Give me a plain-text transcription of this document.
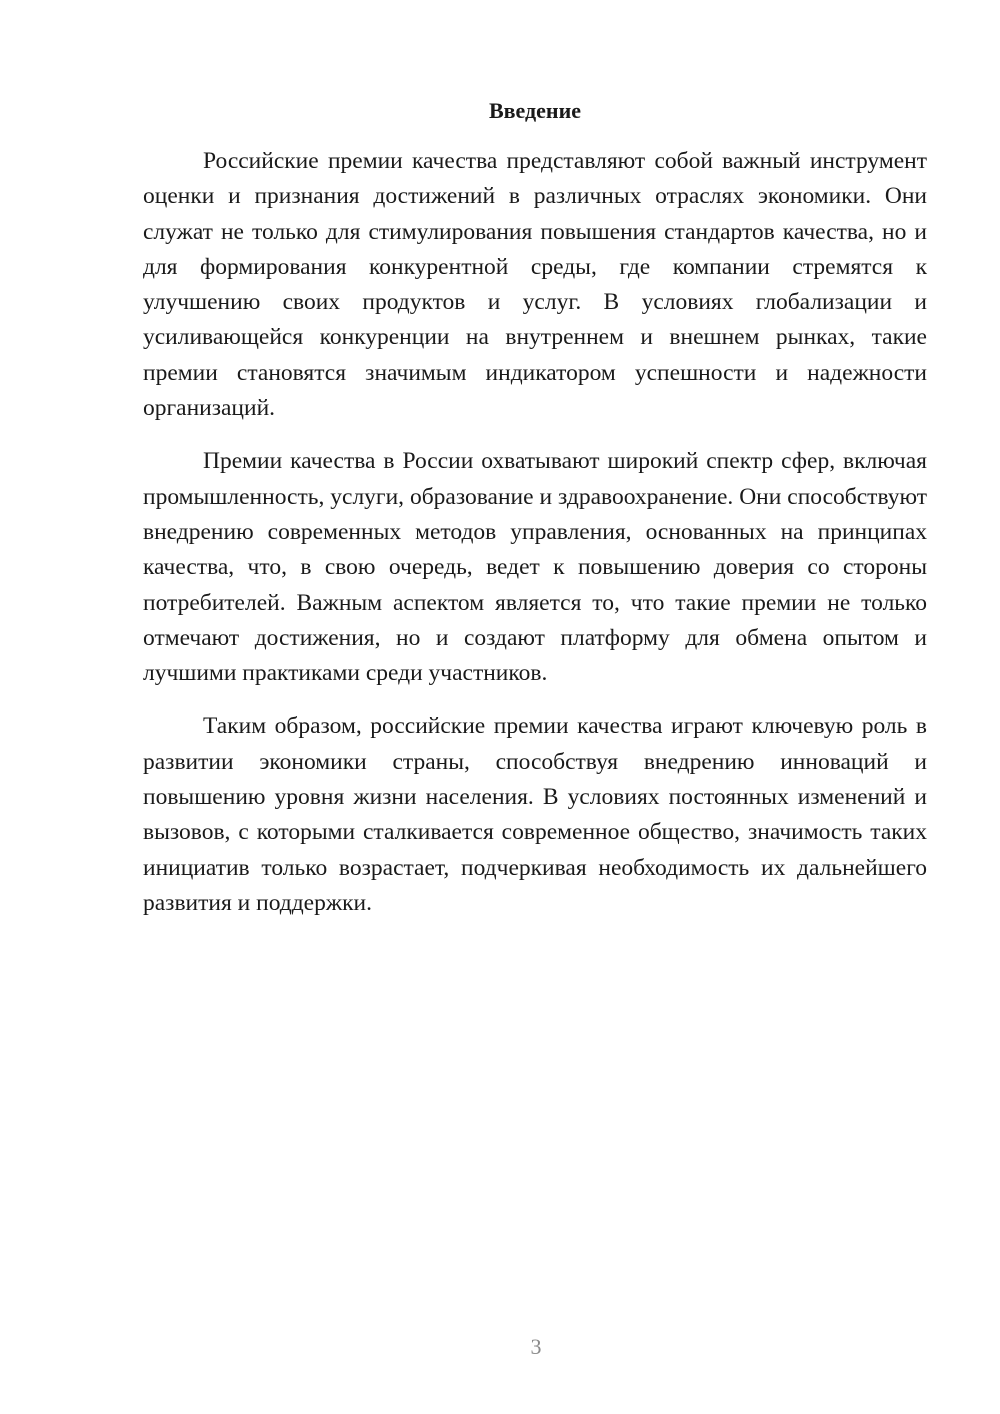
Введение

Российские премии качества представляют собой важный инструмент оценки и признания достижений в различных отраслях экономики. Они служат не только для стимулирования повышения стандартов качества, но и для формирования конкурентной среды, где компании стремятся к улучшению своих продуктов и услуг. В условиях глобализации и усиливающейся конкуренции на внутреннем и внешнем рынках, такие премии становятся значимым индикатором успешности и надежности организаций.

Премии качества в России охватывают широкий спектр сфер, включая промышленность, услуги, образование и здравоохранение. Они способствуют внедрению современных методов управления, основанных на принципах качества, что, в свою очередь, ведет к повышению доверия со стороны потребителей. Важным аспектом является то, что такие премии не только отмечают достижения, но и создают платформу для обмена опытом и лучшими практиками среди участников.

Таким образом, российские премии качества играют ключевую роль в развитии экономики страны, способствуя внедрению инноваций и повышению уровня жизни населения. В условиях постоянных изменений и вызовов, с которыми сталкивается современное общество, значимость таких инициатив только возрастает, подчеркивая необходимость их дальнейшего развития и поддержки.

3
